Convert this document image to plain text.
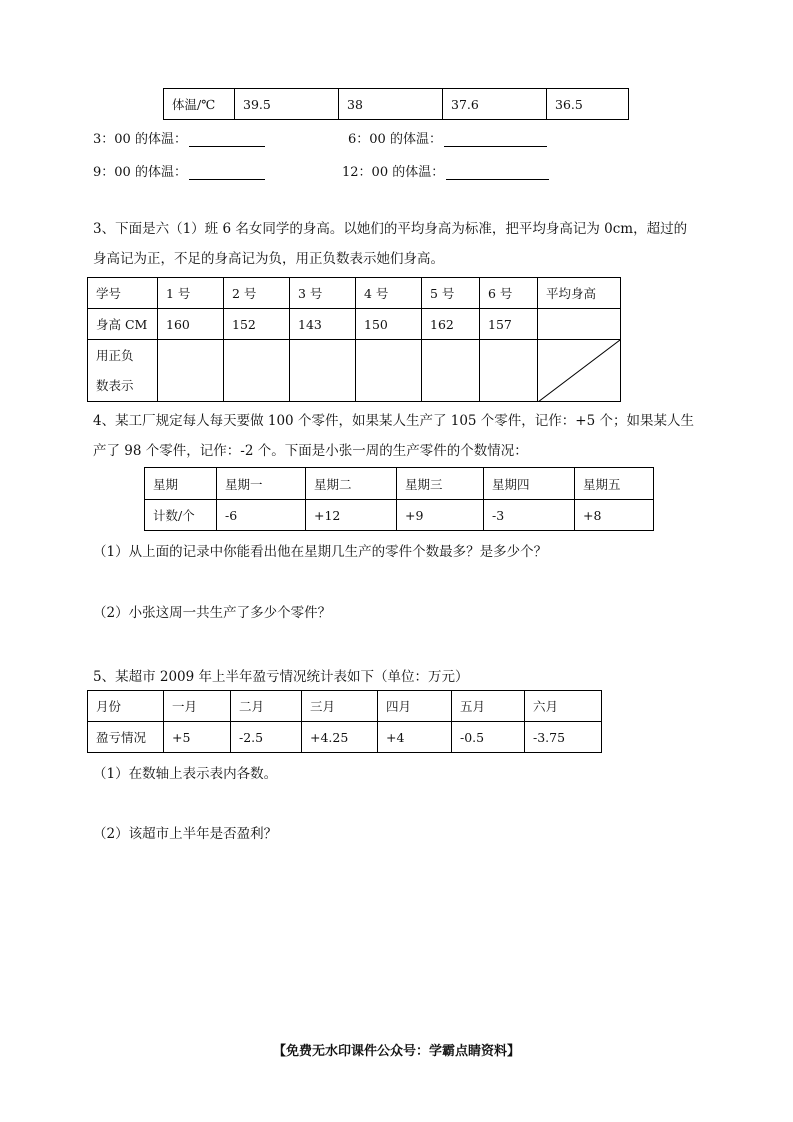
体温/℃	39.5	38	37.6	36.5
3：00 的体温：	6：00 的体温：
9：00 的体温：	12：00 的体温：
3、下面是六（1）班 6 名女同学的身高。以她们的平均身高为标准，把平均身高记为 0cm，超过的
身高记为正，不足的身高记为负，用正负数表示她们身高。
学号	1 号	2 号	3 号	4 号	5 号	6 号	平均身高
身高 CM	160	152	143	150	162	157	

用正负
数表示

4、某工厂规定每人每天要做 100 个零件，如果某人生产了 105 个零件，记作：+5 个；如果某人生
产了 98 个零件，记作：-2 个。下面是小张一周的生产零件的个数情况：
星期	星期一	星期二	星期三	星期四	星期五
计数/个	-6	+12	+9	-3	+8
（1）从上面的记录中你能看出他在星期几生产的零件个数最多？是多少个？
（2）小张这周一共生产了多少个零件？
5、某超市 2009 年上半年盈亏情况统计表如下（单位：万元）
月份	一月	二月	三月	四月	五月	六月
盈亏情况	+5	-2.5	+4.25	+4	-0.5	-3.75
（1）在数轴上表示表内各数。
（2）该超市上半年是否盈利？
【免费无水印课件公众号：学霸点睛资料】
